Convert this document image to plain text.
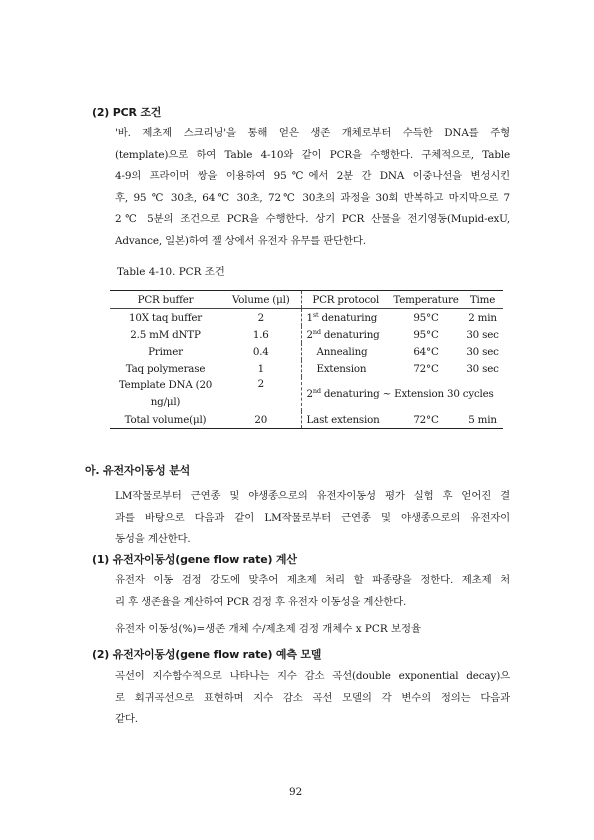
(2) PCR 조건
'바. 제초제 스크리닝'을 통해 얻은 생존 개체로부터 수득한 DNA를 주형
(template)으로 하여 Table 4-10와 같이 PCR을 수행한다. 구체적으로, Table
4-9의 프라이머 쌍을 이용하여 95℃에서 2분 간 DNA 이중나선을 변성시킨
후, 95 ℃ 30초, 64℃ 30초, 72℃ 30초의 과정을 30회 반복하고 마지막으로 7
2℃ 5분의 조건으로 PCR을 수행한다. 상기 PCR 산물을 전기영동(Mupid-exU,
Advance, 일본)하여 젤 상에서 유전자 유무를 판단한다.
Table 4-10. PCR 조건
PCR buffer	Volume (μl)	PCR protocol	Temperature	Time
10X taq buffer	2	1st denaturing	95°C	2 min
2.5 mM dNTP	1.6	2nd denaturing	95°C	30 sec
Primer	0.4	Annealing	64°C	30 sec
Taq polymerase	1	Extension	72°C	30 sec

Template DNA (20
ng/μl)	2	2nd denaturing ~ Extension 30 cycles		
Total volume(μl)	20	Last extension	72°C	5 min
아. 유전자이동성 분석
LM작물로부터 근연종 및 야생종으로의 유전자이동성 평가 실험 후 얻어진 결
과를 바탕으로 다음과 같이 LM작물로부터 근연종 및 야생종으로의 유전자이
동성을 계산한다.
(1) 유전자이동성(gene flow rate) 계산
유전자 이동 검정 강도에 맞추어 제초제 처리 할 파종량을 정한다. 제초제 처
리 후 생존율을 계산하여 PCR 검정 후 유전자 이동성을 계산한다.
유전자 이동성(%)=생존 개체 수/제초제 검정 개체수 x PCR 보정율
(2) 유전자이동성(gene flow rate) 예측 모델
곡선이 지수함수적으로 나타나는 지수 감소 곡선(double exponential decay)으
로 회귀곡선으로 표현하며 지수 감소 곡선 모델의 각 변수의 정의는 다음과
같다.
92
